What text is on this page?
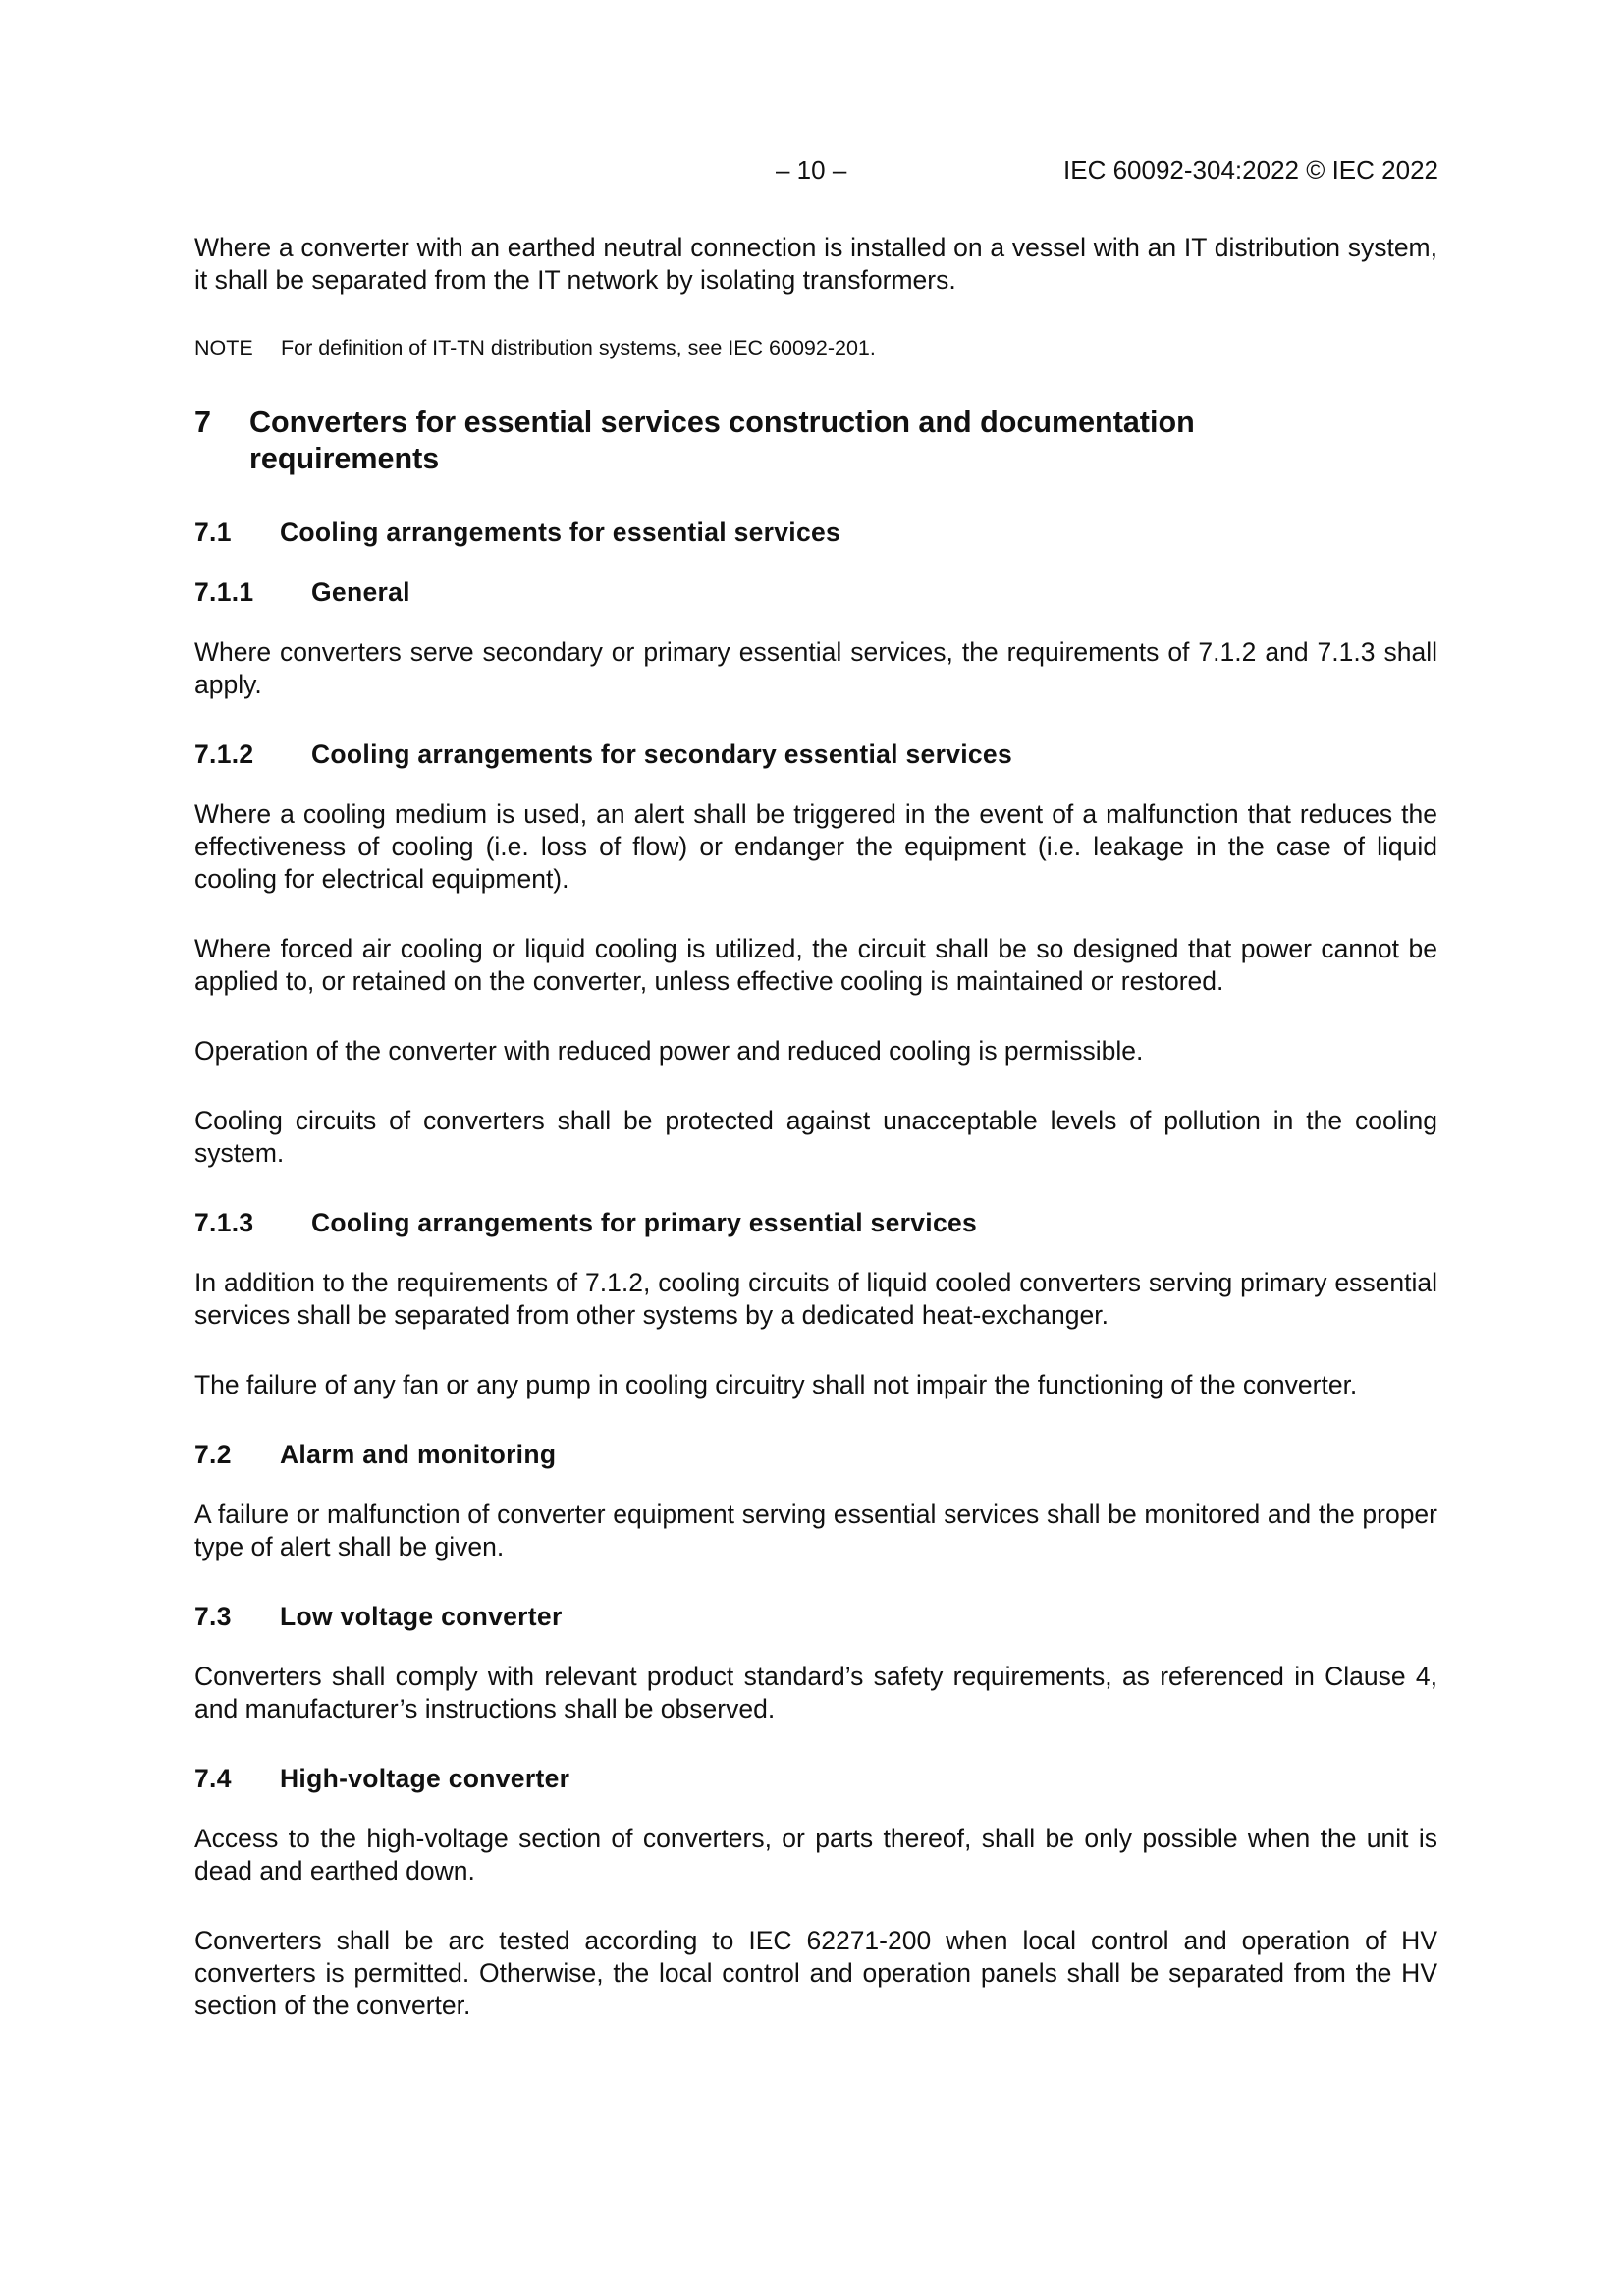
– 10 –	IEC 60092-304:2022 © IEC 2022

Where a converter with an earthed neutral connection is installed on a vessel with an IT distribution system, it shall be separated from the IT network by isolating transformers.

NOTE For definition of IT-TN distribution systems, see IEC 60092-201.

7	Converters for essential services construction and documentation requirements
7.1	Cooling arrangements for essential services
7.1.1	General

Where converters serve secondary or primary essential services, the requirements of 7.1.2 and 7.1.3 shall apply.

7.1.2	Cooling arrangements for secondary essential services

Where a cooling medium is used, an alert shall be triggered in the event of a malfunction that reduces the effectiveness of cooling (i.e. loss of flow) or endanger the equipment (i.e. leakage in the case of liquid cooling for electrical equipment).

Where forced air cooling or liquid cooling is utilized, the circuit shall be so designed that power cannot be applied to, or retained on the converter, unless effective cooling is maintained or restored.

Operation of the converter with reduced power and reduced cooling is permissible.

Cooling circuits of converters shall be protected against unacceptable levels of pollution in the cooling system.

7.1.3	Cooling arrangements for primary essential services

In addition to the requirements of 7.1.2, cooling circuits of liquid cooled converters serving primary essential services shall be separated from other systems by a dedicated heat-exchanger.

The failure of any fan or any pump in cooling circuitry shall not impair the functioning of the converter.

7.2	Alarm and monitoring

A failure or malfunction of converter equipment serving essential services shall be monitored and the proper type of alert shall be given.

7.3	Low voltage converter

Converters shall comply with relevant product standard’s safety requirements, as referenced in Clause 4, and manufacturer’s instructions shall be observed.

7.4	High-voltage converter

Access to the high-voltage section of converters, or parts thereof, shall be only possible when the unit is dead and earthed down.

Converters shall be arc tested according to IEC 62271-200 when local control and operation of HV converters is permitted. Otherwise, the local control and operation panels shall be separated from the HV section of the converter.
